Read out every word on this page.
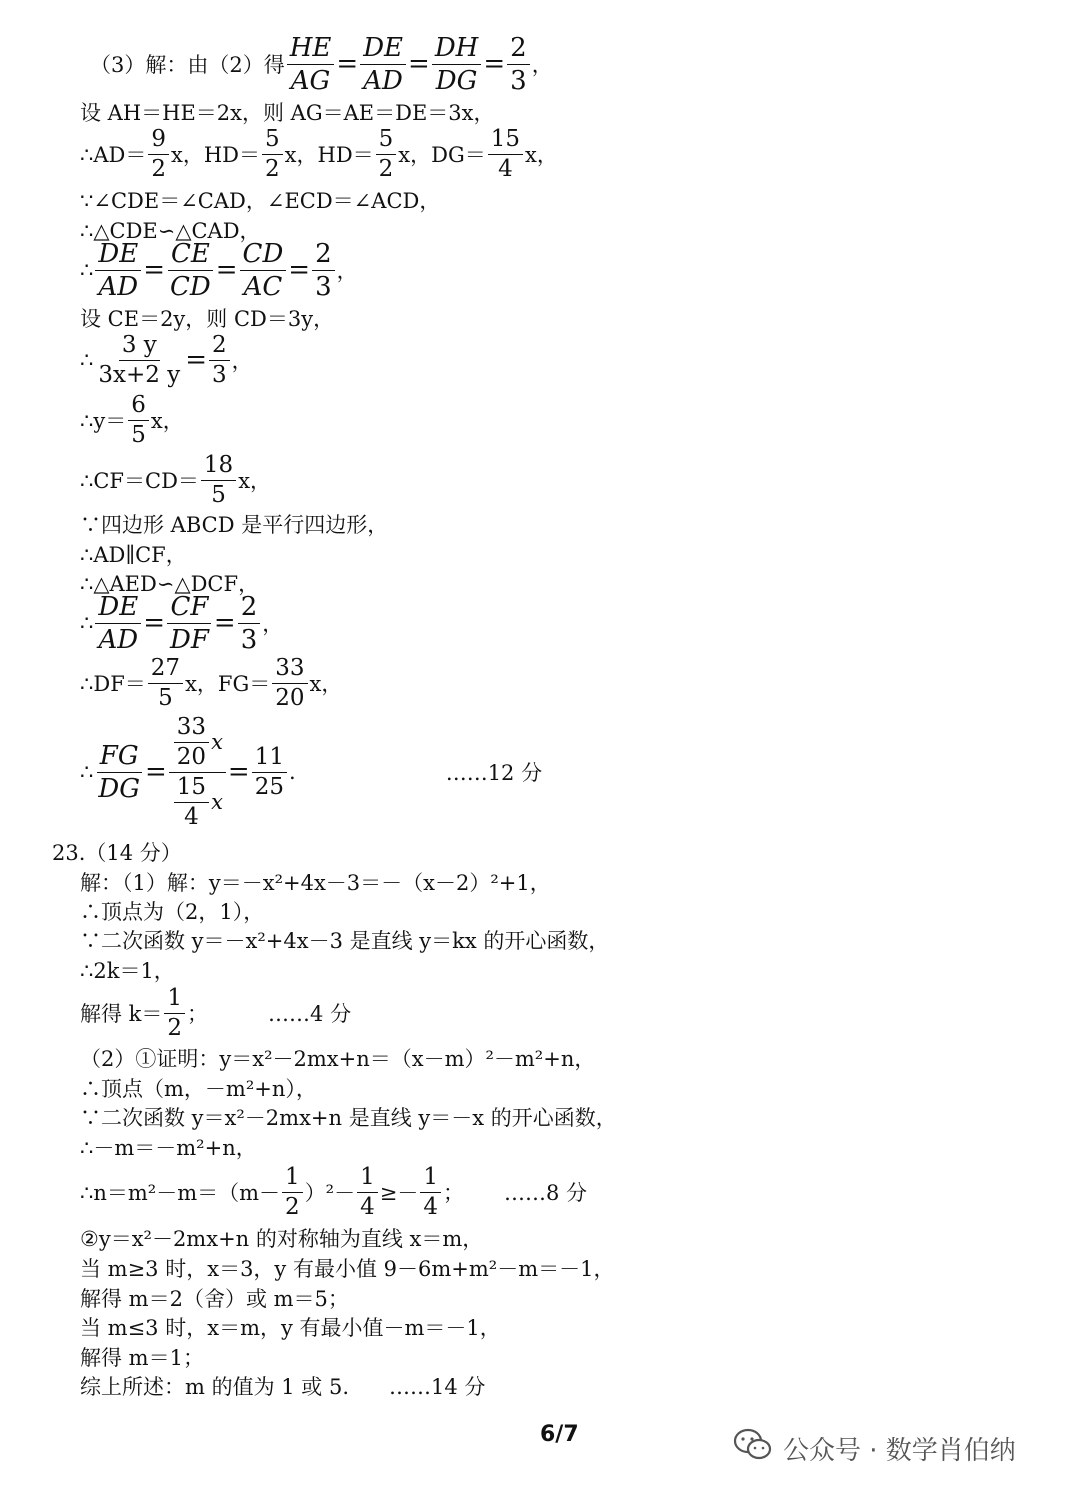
（3）解：由（2）得 $\frac{HE}{AG} = \frac{DE}{AD} = \frac{DH}{DG} = \frac{2}{3}$ ，
设 AH＝HE＝2x，则 AG＝AE＝DE＝3x，
∴AD＝
9
2
x，HD＝
5
2
x，HD＝
5
2
x，DG＝
15
4
x，
∵∠CDE＝∠CAD，∠ECD＝∠ACD，
∴△CDE∽△CAD，
∴ $\frac{DE}{AD} = \frac{CE}{CD} = \frac{CD}{AC} = \frac{2}{3}$ ，
设 CE＝2y，则 CD＝3y，
∴ $\frac{3 y}{3x+2 y} = \frac{2}{3}$ ，
∴y＝
6
5
x，
∴CF＝CD＝
18
5
x，
∵四边形 ABCD 是平行四边形，
∴AD∥CF，
∴△AED∽△DCF，
∴ $\frac{DE}{AD} = \frac{CF}{DF} = \frac{2}{3}$ ，
∴DF＝
27
5
x，FG＝
33
20
x，
∴ $\frac{FG}{DG} = 33$
20
x
15
4
$x = \frac{11}{25}$ .	……12 分
23.（14 分）
解：（1）解：y＝－x²+4x－3＝－（x－2）²+1，
∴顶点为（2，1），
∵二次函数 y＝－x²+4x－3 是直线 y＝kx 的开心函数，
∴2k＝1，
解得 k＝
1
2
；	……4 分
（2）①证明：y＝x²－2mx+n＝（x－m）²－m²+n，
∴顶点（m，－m²+n），
∵二次函数 y＝x²－2mx+n 是直线 y＝－x 的开心函数，
∴－m＝－m²+n，
∴n＝m²－m＝（m－
1
2
）$^2- \frac{1}{4}$ ≥－
1
4
； ……8 分
②y＝x²－2mx+n 的对称轴为直线 x＝m，
当 m≥3 时，x＝3，y 有最小值 9－6m+m²－m＝－1，
解得 m＝2（舍）或 m＝5；
当 m≤3 时，x＝m，y 有最小值－m＝－1，
解得 m＝1；
综上所述：m 的值为 1 或 5. ……14 分
6/7
公众号 · 数学肖伯纳
